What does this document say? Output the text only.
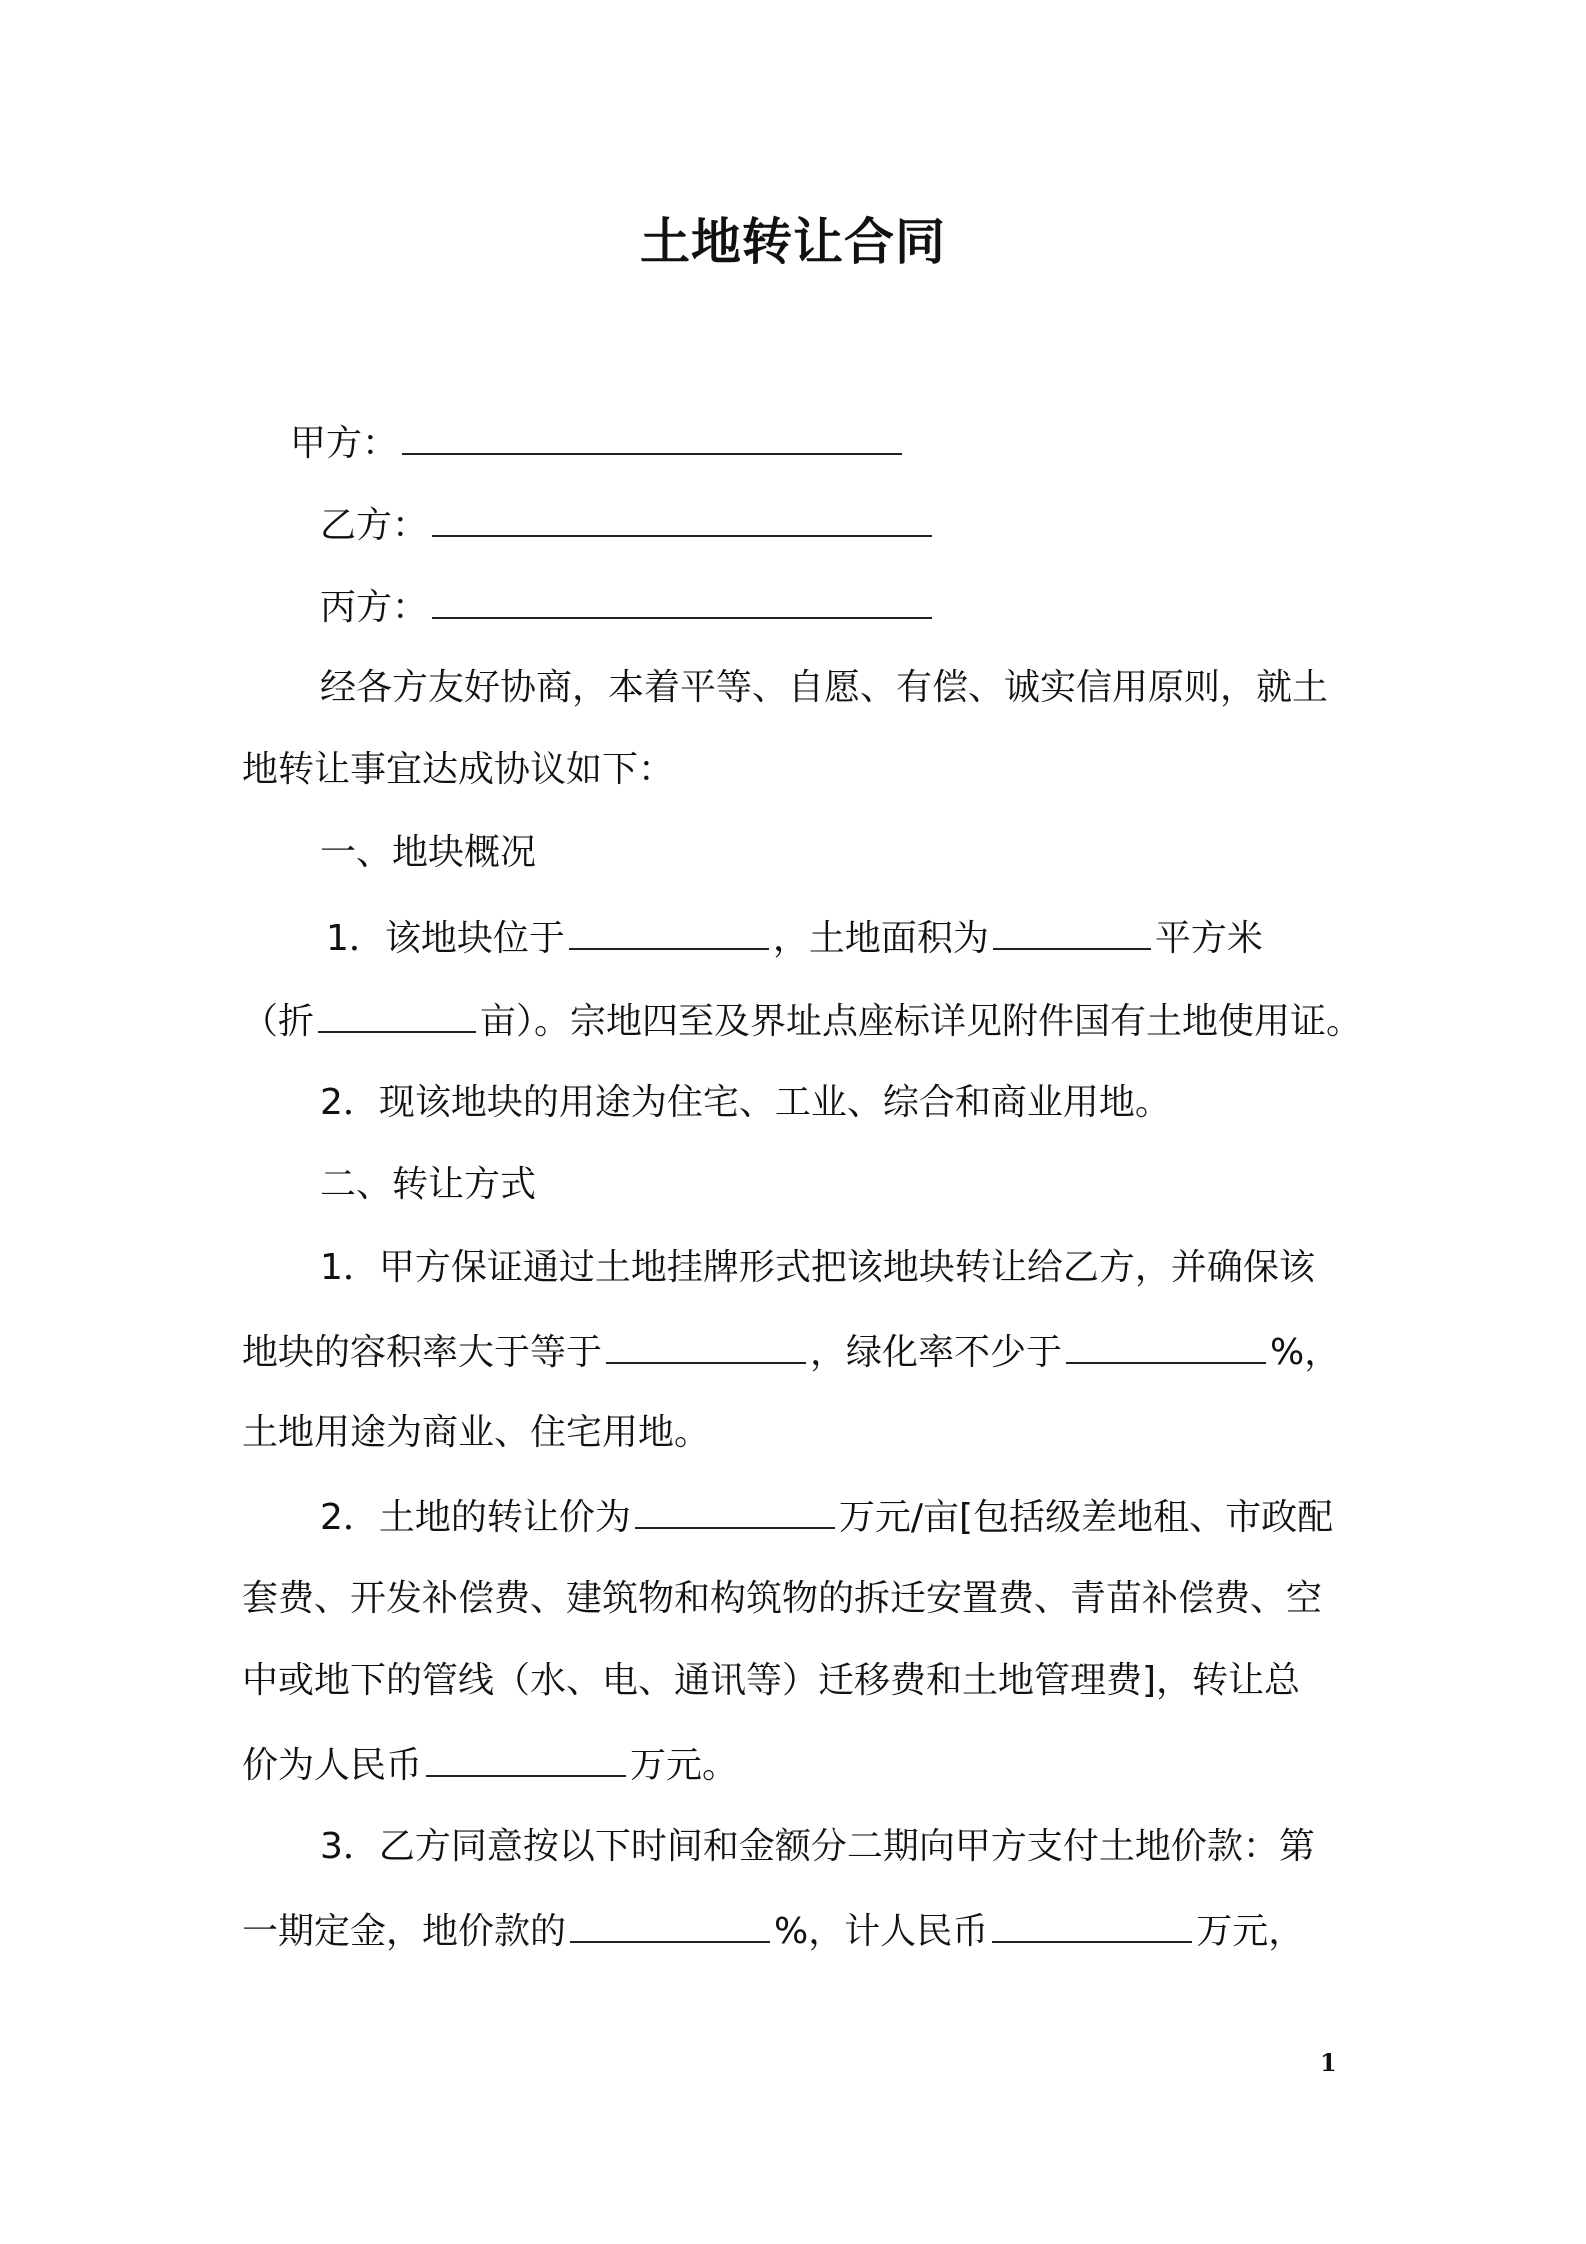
土地转让合同

甲方：

乙方：

丙方：

经各方友好协商，本着平等、自愿、有偿、诚实信用原则，就土

地转让事宜达成协议如下：

一、地块概况

1．该地块位于	，土地面积为	平方米

（折	亩）。宗地四至及界址点座标详见附件国有土地使用证。

2．现该地块的用途为住宅、工业、综合和商业用地。

二、转让方式

1．甲方保证通过土地挂牌形式把该地块转让给乙方，并确保该

地块的容积率大于等于	，绿化率不少于	%，

土地用途为商业、住宅用地。

2．土地的转让价为	万元/亩[包括级差地租、市政配

套费、开发补偿费、建筑物和构筑物的拆迁安置费、青苗补偿费、空

中或地下的管线（水、电、通讯等）迁移费和土地管理费]，转让总

价为人民币	万元。

3．乙方同意按以下时间和金额分二期向甲方支付土地价款：第

一期定金，地价款的	%，计人民币	万元，

1
